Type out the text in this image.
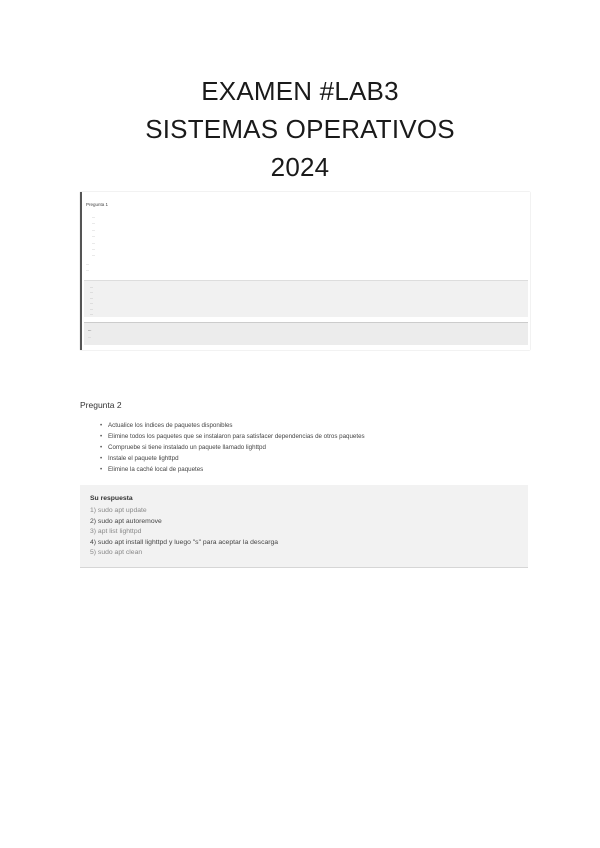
EXAMEN #LAB3
SISTEMAS OPERATIVOS
2024
Pregunta 1
...
...
...
...
...
...
...
...
...
...
...
...
...
...
...
...
...
Pregunta 2
• Actualice los índices de paquetes disponibles
• Elimine todos los paquetes que se instalaron para satisfacer dependencias de otros paquetes
• Compruebe si tiene instalado un paquete llamado lighttpd
• Instale el paquete lighttpd
• Elimine la caché local de paquetes
Su respuesta
1) sudo apt update
2) sudo apt autoremove
3) apt list lighttpd
4) sudo apt install lighttpd y luego "s" para aceptar la descarga
5) sudo apt clean
